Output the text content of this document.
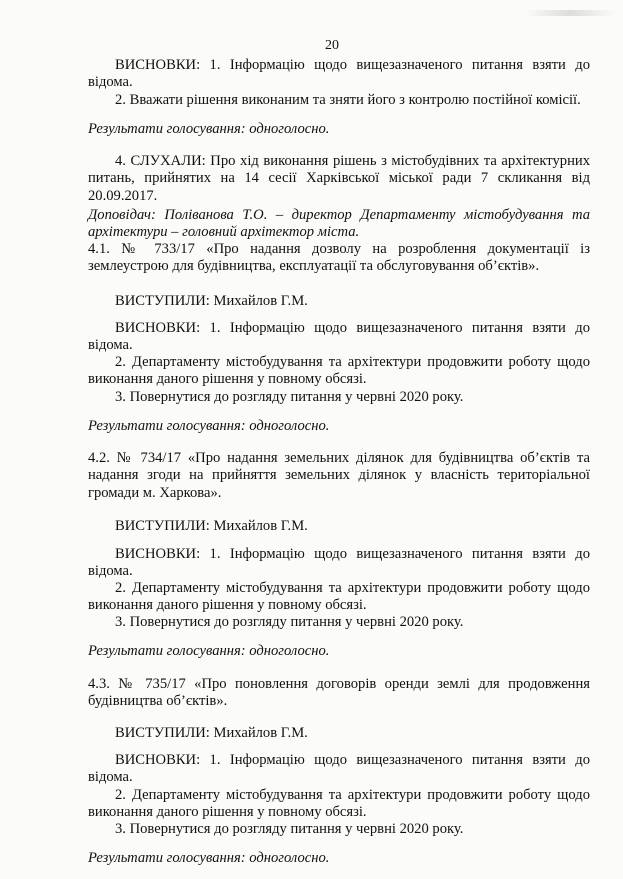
20

ВИСНОВКИ: 1. Інформацію щодо вищезазначеного питання взяти до відома.

2. Вважати рішення виконаним та зняти його з контролю постійної комісії.

Результати голосування: одноголосно.

4. СЛУХАЛИ: Про хід виконання рішень з містобудівних та архітектурних питань, прийнятих на 14 сесії Харківської міської ради 7 скликання від 20.09.2017.

Доповідач: Поліванова Т.О. – директор Департаменту містобудування та архітектури – головний архітектор міста.

4.1. № 733/17 «Про надання дозволу на розроблення документації із землеустрою для будівництва, експлуатації та обслуговування об’єктів».

ВИСТУПИЛИ: Михайлов Г.М.

ВИСНОВКИ: 1. Інформацію щодо вищезазначеного питання взяти до відома.

2. Департаменту містобудування та архітектури продовжити роботу щодо виконання даного рішення у повному обсязі.

3. Повернутися до розгляду питання у червні 2020 року.

Результати голосування: одноголосно.

4.2. № 734/17 «Про надання земельних ділянок для будівництва об’єктів та надання згоди на прийняття земельних ділянок у власність територіальної громади м. Харкова».

ВИСТУПИЛИ: Михайлов Г.М.

ВИСНОВКИ: 1. Інформацію щодо вищезазначеного питання взяти до відома.

2. Департаменту містобудування та архітектури продовжити роботу щодо виконання даного рішення у повному обсязі.

3. Повернутися до розгляду питання у червні 2020 року.

Результати голосування: одноголосно.

4.3. № 735/17 «Про поновлення договорів оренди землі для продовження будівництва об’єктів».

ВИСТУПИЛИ: Михайлов Г.М.

ВИСНОВКИ: 1. Інформацію щодо вищезазначеного питання взяти до відома.

2. Департаменту містобудування та архітектури продовжити роботу щодо виконання даного рішення у повному обсязі.

3. Повернутися до розгляду питання у червні 2020 року.

Результати голосування: одноголосно.
